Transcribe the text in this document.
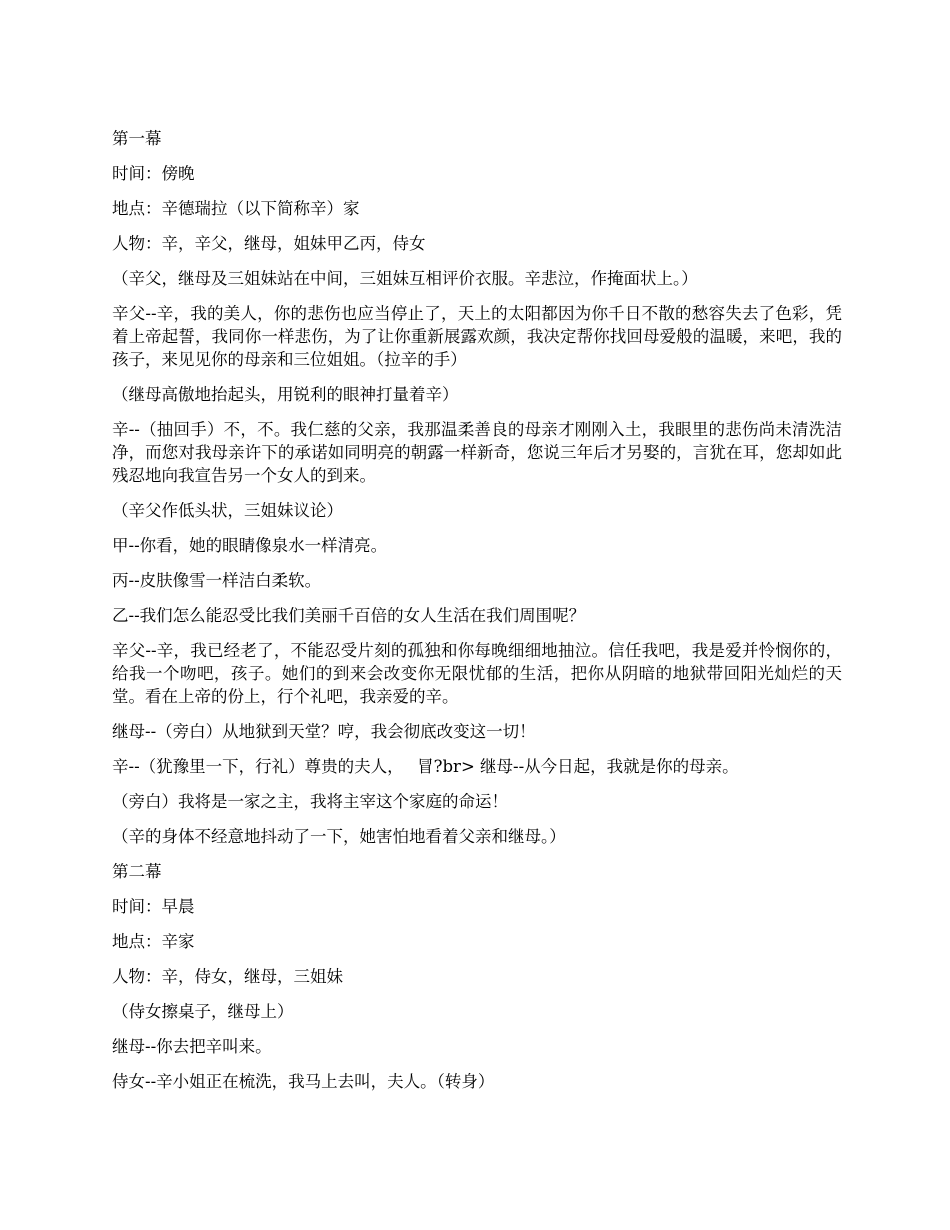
第一幕

时间：傍晚

地点：辛德瑞拉（以下简称辛）家

人物：辛，辛父，继母，姐妹甲乙丙，侍女

（辛父，继母及三姐妹站在中间，三姐妹互相评价衣服。辛悲泣，作掩面状上。）

辛父--辛，我的美人，你的悲伤也应当停止了，天上的太阳都因为你千日不散的愁容失去了色彩，凭着上帝起誓，我同你一样悲伤，为了让你重新展露欢颜，我决定帮你找回母爱般的温暖，来吧，我的孩子，来见见你的母亲和三位姐姐。（拉辛的手）

（继母高傲地抬起头，用锐利的眼神打量着辛）

辛--（抽回手）不，不。我仁慈的父亲，我那温柔善良的母亲才刚刚入土，我眼里的悲伤尚未清洗洁净，而您对我母亲许下的承诺如同明亮的朝露一样新奇，您说三年后才另娶的，言犹在耳，您却如此残忍地向我宣告另一个女人的到来。

（辛父作低头状，三姐妹议论）

甲--你看，她的眼睛像泉水一样清亮。

丙--皮肤像雪一样洁白柔软。

乙--我们怎么能忍受比我们美丽千百倍的女人生活在我们周围呢？

辛父--辛，我已经老了，不能忍受片刻的孤独和你每晚细细地抽泣。信任我吧，我是爱并怜悯你的，给我一个吻吧，孩子。她们的到来会改变你无限忧郁的生活，把你从阴暗的地狱带回阳光灿烂的天堂。看在上帝的份上，行个礼吧，我亲爱的辛。

继母--（旁白）从地狱到天堂？哼，我会彻底改变这一切！

辛--（犹豫里一下，行礼）尊贵的夫人，　 冒?br> 继母--从今日起，我就是你的母亲。

（旁白）我将是一家之主，我将主宰这个家庭的命运！

（辛的身体不经意地抖动了一下，她害怕地看着父亲和继母。）

第二幕

时间：早晨

地点：辛家

人物：辛，侍女，继母，三姐妹

（侍女擦桌子，继母上）

继母--你去把辛叫来。

侍女--辛小姐正在梳洗，我马上去叫，夫人。（转身）
